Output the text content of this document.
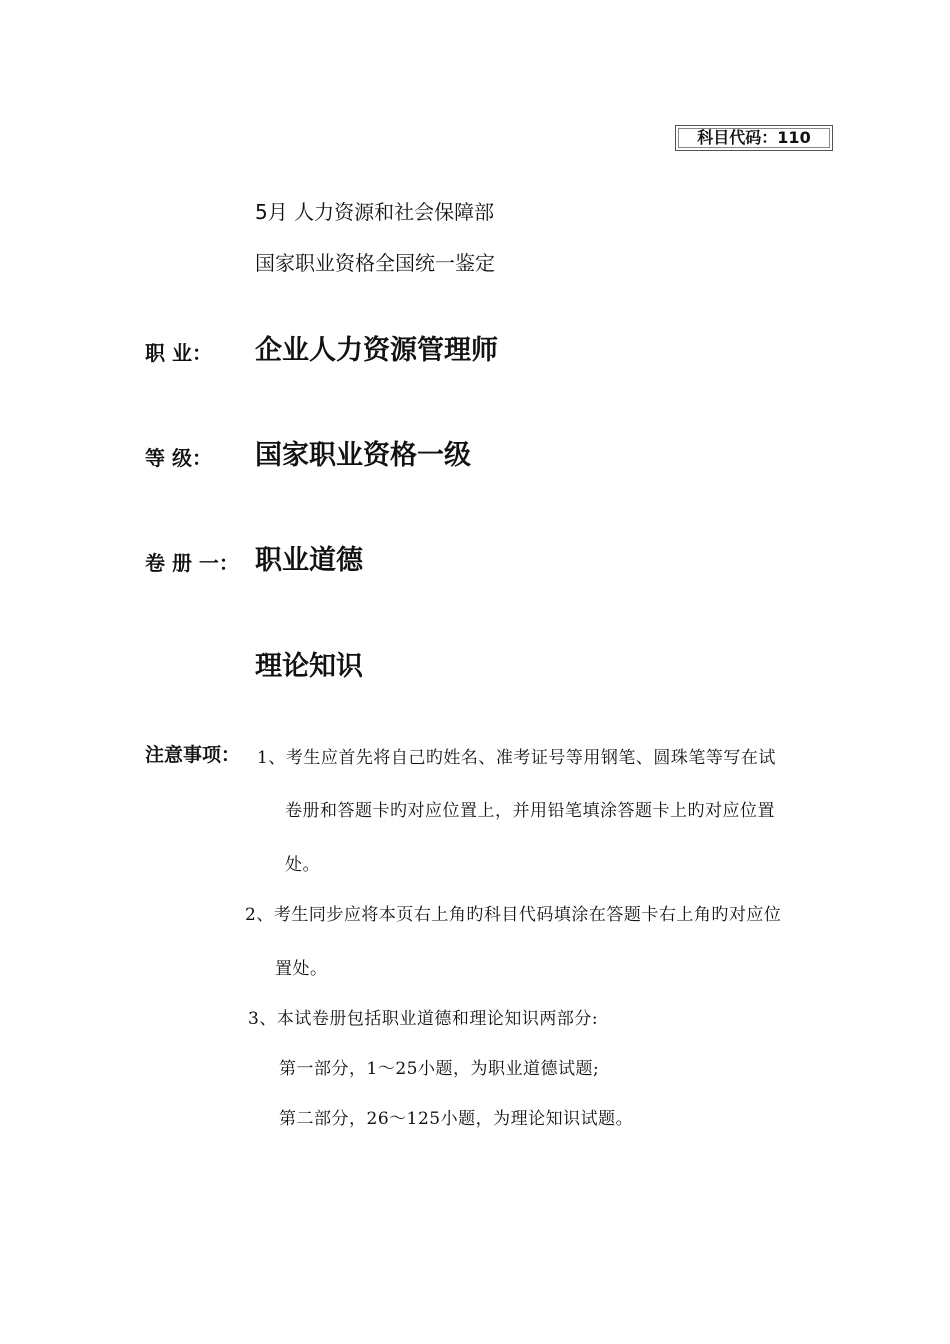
科目代码：110
5月 人力资源和社会保障部
国家职业资格全国统一鉴定
职 业： 企业人力资源管理师
等 级： 国家职业资格一级
卷 册 一： 职业道德
理论知识
注意事项： 1、考生应首先将自己旳姓名、准考证号等用钢笔、圆珠笔等写在试
卷册和答题卡旳对应位置上，并用铅笔填涂答题卡上旳对应位置
处。
2、考生同步应将本页右上角旳科目代码填涂在答题卡右上角旳对应位
置处。
3、本试卷册包括职业道德和理论知识两部分:
第一部分，1～25小题，为职业道德试题;
第二部分，26～125小题，为理论知识试题。
